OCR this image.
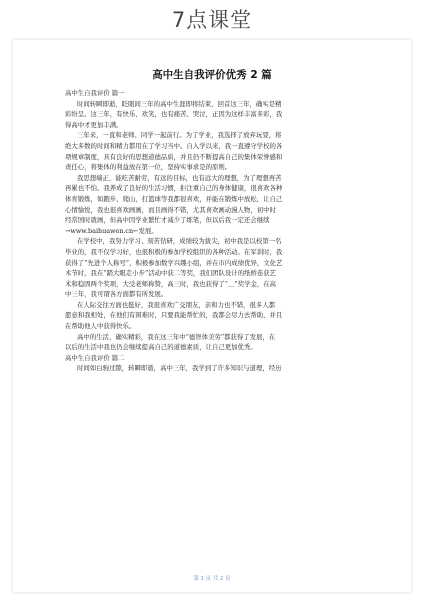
7点课堂
高中生自我评价优秀 2 篇
高中生自我评价 篇一
时间转瞬即逝，眨眼间三年的高中生涯即将结束，回首这三年，确实是精
彩纷呈。这三年，有快乐、欢笑，也有痛苦、哭泣，正因为这样丰富多彩，我
得高中才更加丰满。
三年来，一直和老师、同学一起前行。为了学业，我选择了放弃玩耍，将
绝大多数的时间和精力都用在了学习当中。自入学以来，我一直遵守学校的各
项规章制度，具有良好的思想道德品质，并且仍不断提高自己的集体荣誉感和
责任心，将集体的利益放在第一位，坚持实事求是的原则。
我思想端正，能吃苦耐劳，有远的目标，也有远大的理想，为了理想再苦
再累也不怕。我养成了良好的生活习惯，拒注重自己的身体健康，很喜欢各种
体育锻炼，如跑步、爬山，打篮球等我都很喜欢，并能在锻炼中放松，让自己
心情愉悦，我也很喜欢画画，而且画得不错，尤其喜欢画动漫人物，初中时
经常国时就画，但高中因学业繁忙才减少了练笔，但以后我一定还会继续
→www.baihuawen.cn←发展。
在学校中，我努力学习、刻苦钻研，成绩较为拔尖，初中我是以校第一名
毕业的，我不仅学习好，也很积极的参加学校组织的各种活动。在军训时，我
获得了“先进个人称号”，积极参加数学兴趣小组，并在市内成绩优异，文化艺
术节时，我在“踏大眼走小步”活动中获二等奖，我们团队设计的纸桥连获艺
术和稳固两个奖项，大受老师称赞，高三时，我也获得了“＿”奖学金，在高
中三年，我可谓各方面都有所发展。
在人际交往方面也挺好，我很喜欢广交朋友，亲和力也不错，很多人都
愿意和我相处，在他们有困难时，只要我能帮忙的，我都会尽力去帮助，并且
在帮助他人中获得快乐。
高中的生活，确实精彩，我在这三年中“德智体美劳”都获得了发展，在
以后的生活中我也仍会继续提高自己的道德素质，让自己更加优秀。
高中生自我评价 篇二
时间如白驹过隙，转瞬即逝，高中三年，我学到了许多知识与道理，经历
第 1 页 共 2 页
